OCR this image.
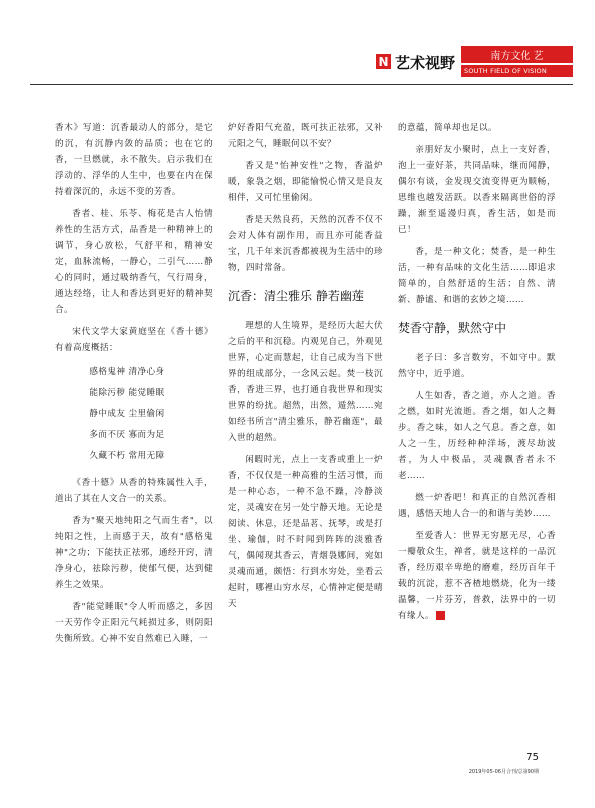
N 艺术视野	南方文化 艺
SOUTH FIELD OF VISION

香木》写道：沉香最动人的部分，是它的沉，有沉静内敛的品质；也在它的香，一旦燃就，永不散失。启示我们在浮动的、浮华的人生中，也要在内在保持着深沉的，永远不变的芳香。

香者、桂、乐苓、梅花是古人怡情养性的生活方式，品香是一种精神上的调节，身心放松，气舒平和，精神安定，血脉流畅，一静心，二引气……静心的同时，通过吸纳香气，气行周身，通达经络，让人和香达到更好的精神契合。

宋代文学大家黄庭坚在《香十德》有着高度概括：

感格鬼神 清净心身
能除污秽 能觉睡眠
静中成友 尘里偷闲
多而不厌 寡而为足
久藏不朽 常用无障

《香十德》从香的特殊属性入手，道出了其在人文合一的关系。

香为"聚天地纯阳之气而生者"，以纯阳之性，上而感于天，故有"感格鬼神"之功；下能扶正祛邪，通经开窍，清净身心，祛除污秽，使郁气便，达到健养生之效果。

香"能觉睡眠"令人听而感之，多因一天劳作令正阳元气耗损过多，则阴阳失衡所致。心神不安自然难已入睡，一

炉好香阳气充盈，既可扶正祛邪，又补元阳之气，睡眠何以不安？

香又是"怡神安性"之物，香溢炉暖，象袅之烟，即能愉悦心情又是良友相伴，又可忙里偷闲。

香是天然良药，天然的沉香不仅不会对人体有副作用，而且亦可能香益宝，几千年来沉香都被视为生活中的珍物，四时常备。

沉香：清尘雅乐 静若幽莲

理想的人生境界，是经历大起大伏之后的平和沉稳。内观见自己，外观见世界，心定而慧起，让自己成为当下世界的组成部分，一念风云起。焚一枝沉香，香进三界，也打通自我世界和现实世界的纷扰。超然，出然，遁然……宛如经书所言"清尘雅乐，静若幽莲"，最入世的超然。

闲暇时光，点上一支香或重上一炉香，不仅仅是一种高雅的生活习惯，而是一种心态，一种不急不躁，冷静淡定，灵魂安在另一处宁静天地。无论是阅读、休息，还是品茗、抚琴，或是打坐、瑜伽，时不时闻到阵阵的淡雅香气，偶闻现其香云，青烟袅娜间，宛如灵魂而通，颇悟：行到水穷处，坐看云起时，哪裡山穷水尽，心情神定便是晴天

的意蕴，简单却也足以。

亲朋好友小聚时，点上一支好香，泡上一壶好茶，共同品味，继而闻静，偶尔有谈，金发现交流变得更为顺畅，思维也越发活跃。以香来隔离世俗的浮躁，渐至遥漫归真，香生活，如是而已！

香，是一种文化；焚香，是一种生活，一种有品味的文化生活……即追求简单的，自然舒适的生活；自然、清新、静谧、和谐的玄妙之境……

焚香守静，默然守中

老子曰：多言数穷，不如守中。默然守中，近乎道。

人生如香，香之道，亦人之道。香之燃，如时光流逝。香之烟，如人之舞步。香之味，如人之气息。香之意，如人之一生，历经种种洋场，渡尽劫波者，为人中极品，灵魂飘香者永不老……

燃一炉香吧！和真正的自然沉香相遇，感悟天地人合一的和谐与美妙……

至爱香人：世界无穷愿无尽，心香一瓣敬众生，禅者，就是这样的一品沉香，经历艰辛卑绝的磨难，经历百年千载的沉淀，惹不吝楂地燃烧，化为一缕温馨，一片芬芳，普救，法界中的一切有缘人。	N

75
2019年05-06月合刊/总第90期
